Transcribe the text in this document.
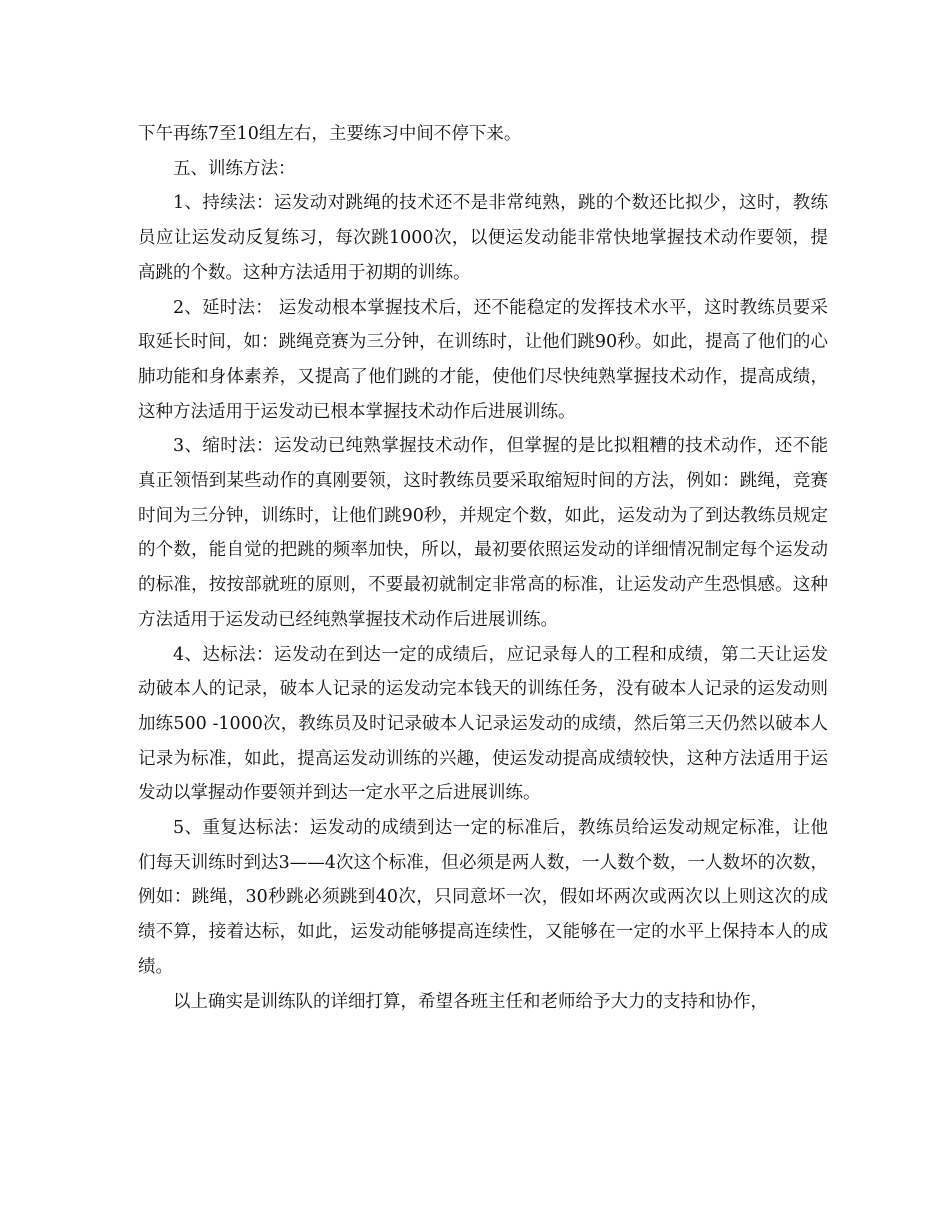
下午再练7至10组左右，主要练习中间不停下来。

五、训练方法：

1、持续法：运发动对跳绳的技术还不是非常纯熟，跳的个数还比拟少，这时，教练员应让运发动反复练习，每次跳1000次，以便运发动能非常快地掌握技术动作要领，提高跳的个数。这种方法适用于初期的训练。

2、延时法： 运发动根本掌握技术后，还不能稳定的发挥技术水平，这时教练员要采取延长时间，如：跳绳竞赛为三分钟，在训练时，让他们跳90秒。如此，提高了他们的心肺功能和身体素养，又提高了他们跳的才能，使他们尽快纯熟掌握技术动作，提高成绩，这种方法适用于运发动已根本掌握技术动作后进展训练。

3、缩时法：运发动已纯熟掌握技术动作，但掌握的是比拟粗糟的技术动作，还不能真正领悟到某些动作的真刚要领，这时教练员要采取缩短时间的方法，例如：跳绳，竞赛时间为三分钟，训练时，让他们跳90秒，并规定个数，如此，运发动为了到达教练员规定的个数，能自觉的把跳的频率加快，所以，最初要依照运发动的详细情况制定每个运发动的标准，按按部就班的原则，不要最初就制定非常高的标准，让运发动产生恐惧感。这种方法适用于运发动已经纯熟掌握技术动作后进展训练。

4、达标法：运发动在到达一定的成绩后，应记录每人的工程和成绩，第二天让运发动破本人的记录，破本人记录的运发动完本钱天的训练任务，没有破本人记录的运发动则加练500 -1000次，教练员及时记录破本人记录运发动的成绩，然后第三天仍然以破本人记录为标准，如此，提高运发动训练的兴趣，使运发动提高成绩较快，这种方法适用于运发动以掌握动作要领并到达一定水平之后进展训练。

5、重复达标法：运发动的成绩到达一定的标准后，教练员给运发动规定标准，让他们每天训练时到达3——4次这个标准，但必须是两人数，一人数个数，一人数坏的次数，例如：跳绳，30秒跳必须跳到40次，只同意坏一次，假如坏两次或两次以上则这次的成绩不算，接着达标，如此，运发动能够提高连续性，又能够在一定的水平上保持本人的成绩。

以上确实是训练队的详细打算，希望各班主任和老师给予大力的支持和协作，
